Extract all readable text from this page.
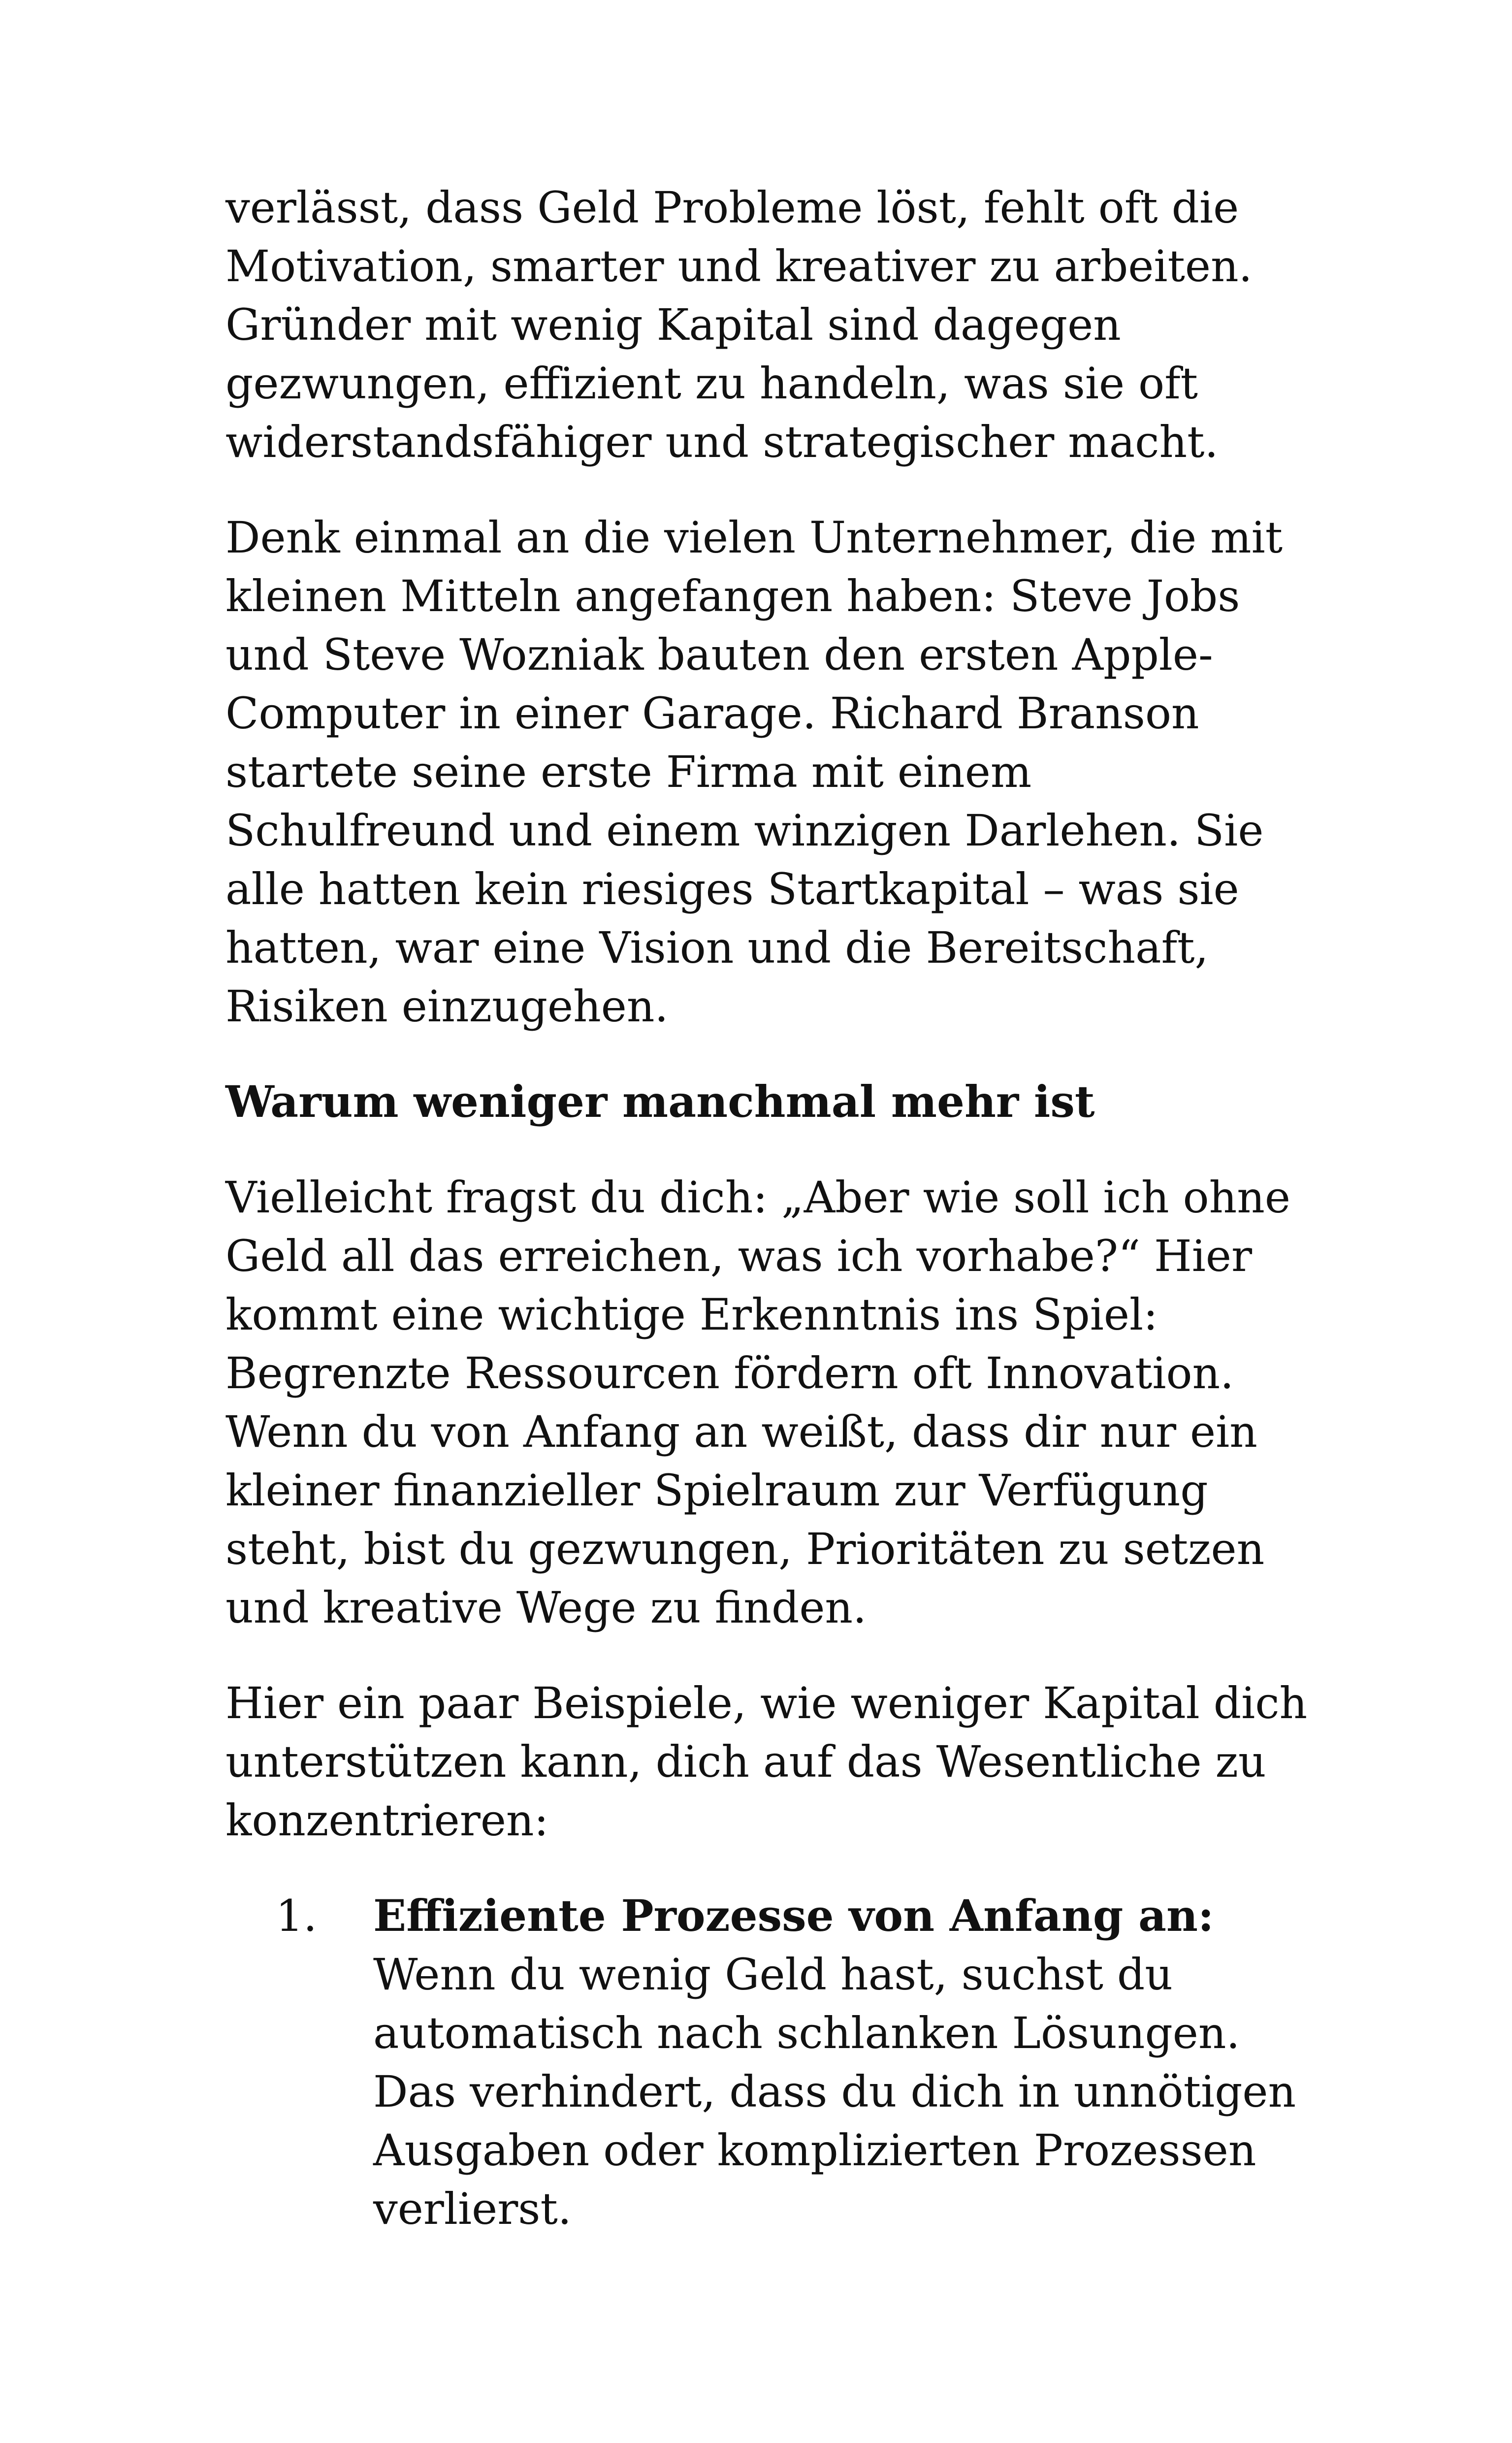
verlässt, dass Geld Probleme löst, fehlt oft die Motivation, smarter und kreativer zu arbeiten. Gründer mit wenig Kapital sind dagegen gezwungen, effizient zu handeln, was sie oft widerstandsfähiger und strategischer macht.

Denk einmal an die vielen Unternehmer, die mit kleinen Mitteln angefangen haben: Steve Jobs und Steve Wozniak bauten den ersten Apple-Computer in einer Garage. Richard Branson startete seine erste Firma mit einem Schulfreund und einem winzigen Darlehen. Sie alle hatten kein riesiges Startkapital – was sie hatten, war eine Vision und die Bereitschaft, Risiken einzugehen.

Warum weniger manchmal mehr ist

Vielleicht fragst du dich: „Aber wie soll ich ohne Geld all das erreichen, was ich vorhabe?“ Hier kommt eine wichtige Erkenntnis ins Spiel: Begrenzte Ressourcen fördern oft Innovation. Wenn du von Anfang an weißt, dass dir nur ein kleiner finanzieller Spielraum zur Verfügung steht, bist du gezwungen, Prioritäten zu setzen und kreative Wege zu finden.

Hier ein paar Beispiele, wie weniger Kapital dich unterstützen kann, dich auf das Wesentliche zu konzentrieren:

1. Effiziente Prozesse von Anfang an: Wenn du wenig Geld hast, suchst du automatisch nach schlanken Lösungen. Das verhindert, dass du dich in unnötigen Ausgaben oder komplizierten Prozessen verlierst.
